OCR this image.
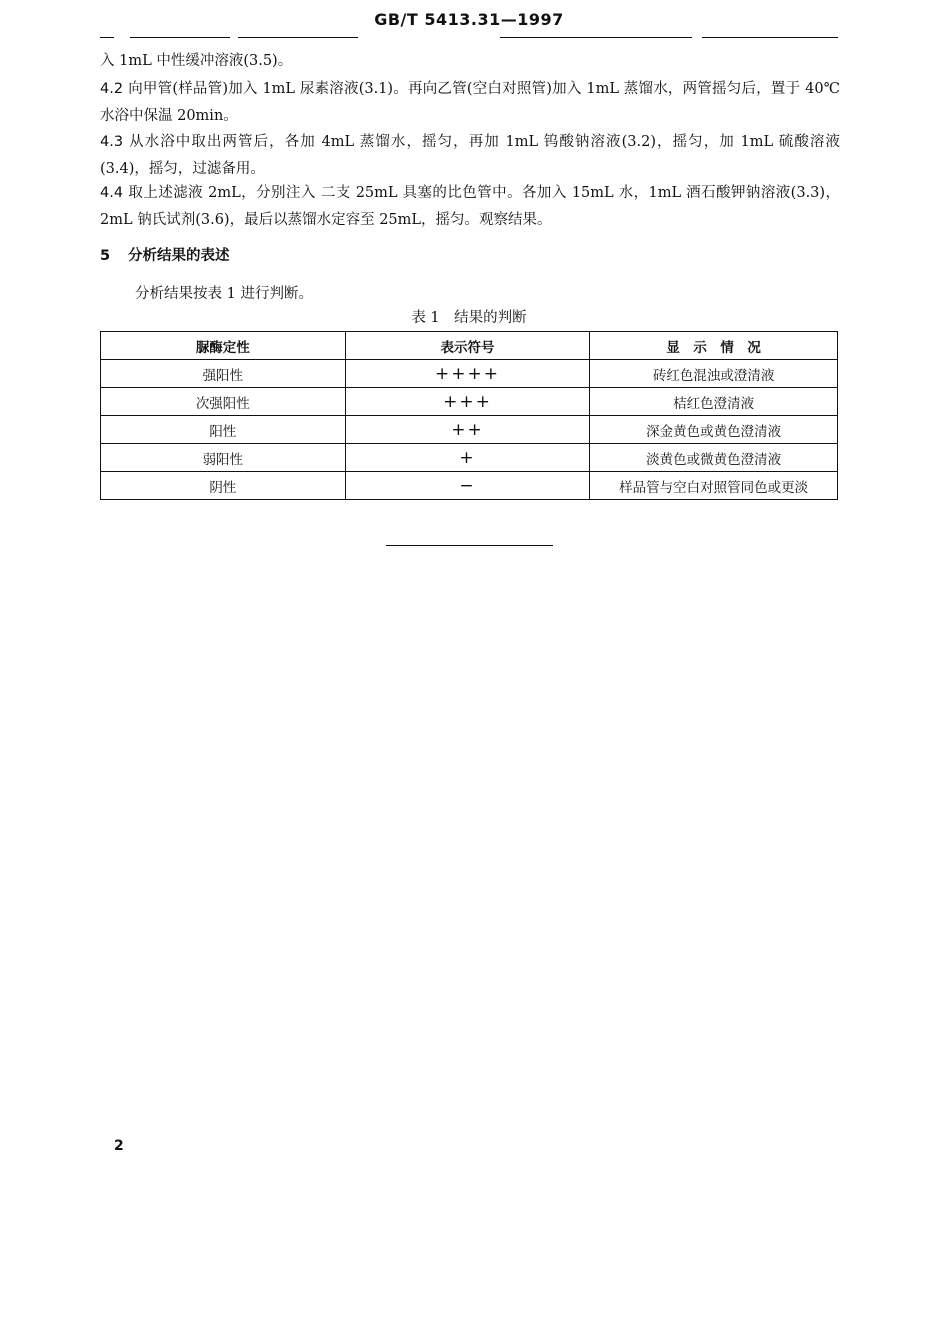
GB/T 5413.31—1997
入 1mL 中性缓冲溶液(3.5)。
4.2 向甲管(样品管)加入 1mL 尿素溶液(3.1)。再向乙管(空白对照管)加入 1mL 蒸馏水，两管摇匀后，置于 40℃水浴中保温 20min。
4.3 从水浴中取出两管后，各加 4mL 蒸馏水，摇匀，再加 1mL 钨酸钠溶液(3.2)，摇匀，加 1mL 硫酸溶液(3.4)，摇匀，过滤备用。
4.4 取上述滤液 2mL，分别注入 二支 25mL 具塞的比色管中。各加入 15mL 水，1mL 酒石酸钾钠溶液(3.3)，2mL 钠氏试剂(3.6)，最后以蒸馏水定容至 25mL，摇匀。观察结果。
5 分析结果的表述
分析结果按表 1 进行判断。
表 1　结果的判断
脲酶定性	表示符号	显　示　情　况
强阳性	++++	砖红色混浊或澄清液
次强阳性	+++	桔红色澄清液
阳性	++	深金黄色或黄色澄清液
弱阳性	+	淡黄色或微黄色澄清液
阴性	−	样品管与空白对照管同色或更淡
2
